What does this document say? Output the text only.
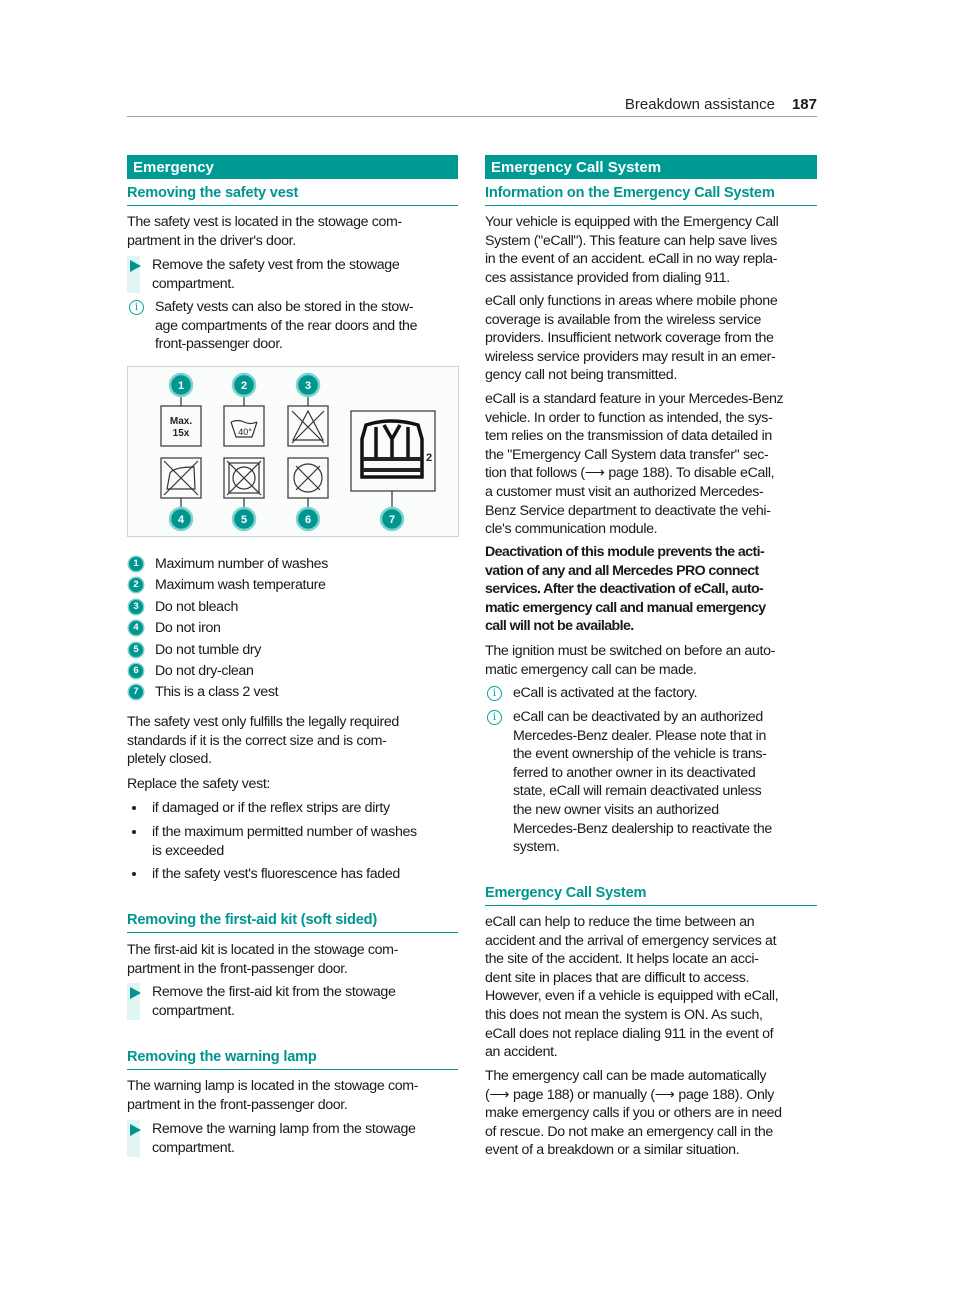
Breakdown assistance 187
Emergency
Removing the safety vest
The safety vest is located in the stowage com-
partment in the driver's door.

Remove the safety vest from the stowage
compartment.

i

	Safety vests can also be stored in the stow-
age compartments of the rear doors and the
front-passenger door.

Max.
15x	40°
2
1	2	3
4	5	6	7
1	Maximum number of washes
2	Maximum wash temperature
3	Do not bleach
4	Do not iron
5	Do not tumble dry
6	Do not dry-clean
7	This is a class 2 vest
The safety vest only fulfills the legally required
standards if it is the correct size and is com-
pletely closed.
Replace the safety vest:
if damaged or if the reflex strips are dirty
if the maximum permitted number of washes
is exceeded
if the safety vest's fluorescence has faded
Removing the first-aid kit (soft sided)
The first-aid kit is located in the stowage com-
partment in the front-passenger door.

Remove the first-aid kit from the stowage
compartment.

Removing the warning lamp
The warning lamp is located in the stowage com-
partment in the front-passenger door.

Remove the warning lamp from the stowage
compartment.

Emergency Call System
Information on the Emergency Call System
Your vehicle is equipped with the Emergency Call
System ("eCall"). This feature can help save lives
in the event of an accident. eCall in no way repla-
ces assistance provided from dialing 911.
eCall only functions in areas where mobile phone
coverage is available from the wireless service
providers. Insufficient network coverage from the
wireless service providers may result in an emer-
gency call not being transmitted.
eCall is a standard feature in your Mercedes-Benz
vehicle. In order to function as intended, the sys-
tem relies on the transmission of data detailed in
the "Emergency Call System data transfer" sec-
tion that follows (⟶ page 188). To disable eCall,
a customer must visit an authorized Mercedes-
Benz Service department to deactivate the vehi-
cle's communication module.
Deactivation of this module prevents the acti-
vation of any and all Mercedes PRO connect
services. After the deactivation of eCall, auto-
matic emergency call and manual emergency
call will not be available.
The ignition must be switched on before an auto-
matic emergency call can be made.

i

	eCall is activated at the factory.

i

	eCall can be deactivated by an authorized
Mercedes-Benz dealer. Please note that in
the event ownership of the vehicle is trans-
ferred to another owner in its deactivated
state, eCall will remain deactivated unless
the new owner visits an authorized
Mercedes-Benz dealership to reactivate the
system.

Emergency Call System
eCall can help to reduce the time between an
accident and the arrival of emergency services at
the site of the accident. It helps locate an acci-
dent site in places that are difficult to access.
However, even if a vehicle is equipped with eCall,
this does not mean the system is ON. As such,
eCall does not replace dialing 911 in the event of
an accident.
The emergency call can be made automatically
(⟶ page 188) or manually (⟶ page 188). Only
make emergency calls if you or others are in need
of rescue. Do not make an emergency call in the
event of a breakdown or a similar situation.
